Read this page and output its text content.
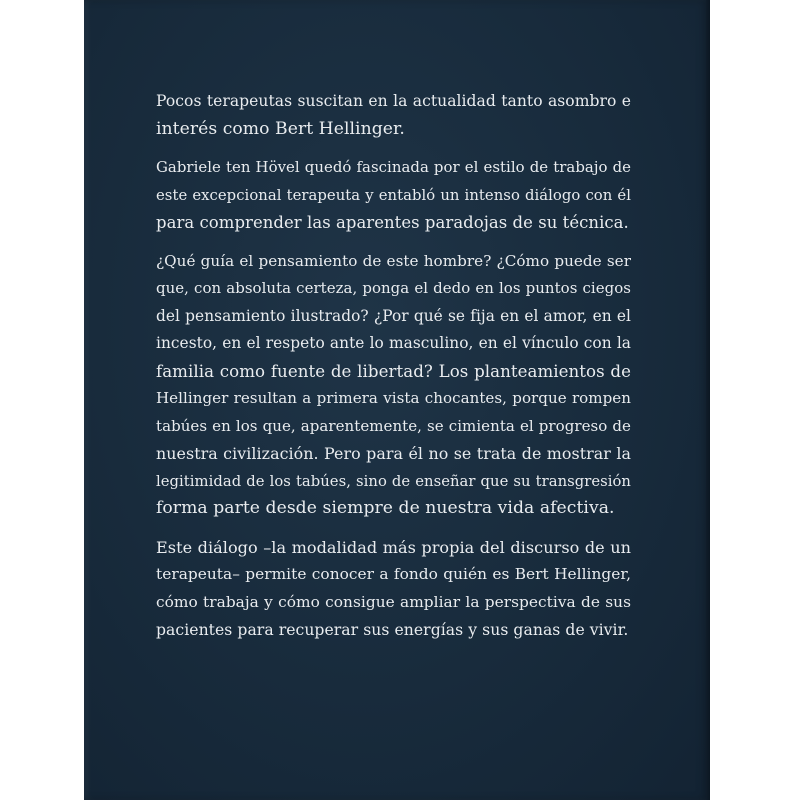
Pocos terapeutas suscitan en la actualidad tanto asombro e
interés como Bert Hellinger.

Gabriele ten Hövel quedó fascinada por el estilo de trabajo de
este excepcional terapeuta y entabló un intenso diálogo con él
para comprender las aparentes paradojas de su técnica.

¿Qué guía el pensamiento de este hombre? ¿Cómo puede ser
que, con absoluta certeza, ponga el dedo en los puntos ciegos
del pensamiento ilustrado? ¿Por qué se fija en el amor, en el
incesto, en el respeto ante lo masculino, en el vínculo con la
familia como fuente de libertad? Los planteamientos de
Hellinger resultan a primera vista chocantes, porque rompen
tabúes en los que, aparentemente, se cimienta el progreso de
nuestra civilización. Pero para él no se trata de mostrar la
legitimidad de los tabúes, sino de enseñar que su transgresión
forma parte desde siempre de nuestra vida afectiva.

Este diálogo –la modalidad más propia del discurso de un
terapeuta– permite conocer a fondo quién es Bert Hellinger,
cómo trabaja y cómo consigue ampliar la perspectiva de sus
pacientes para recuperar sus energías y sus ganas de vivir.
